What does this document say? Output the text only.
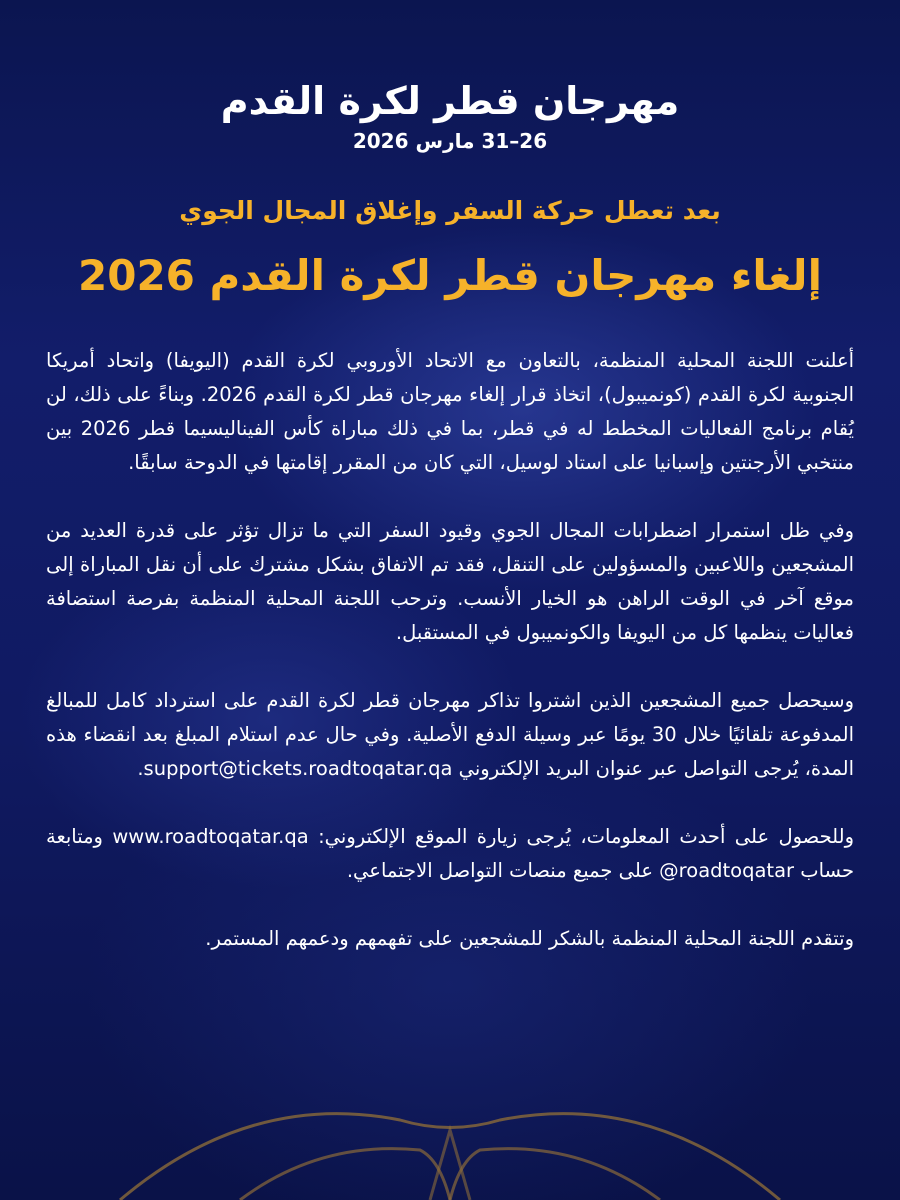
مهرجان قطر لكرة القدم
26–31 مارس 2026
بعد تعطل حركة السفر وإغلاق المجال الجوي
إلغاء مهرجان قطر لكرة القدم 2026

أعلنت اللجنة المحلية المنظمة، بالتعاون مع الاتحاد الأوروبي لكرة القدم (اليويفا) واتحاد أمريكا الجنوبية لكرة القدم (كونميبول)، اتخاذ قرار إلغاء مهرجان قطر لكرة القدم 2026. وبناءً على ذلك، لن يُقام برنامج الفعاليات المخطط له في قطر، بما في ذلك مباراة كأس الفيناليسيما قطر 2026 بين منتخبي الأرجنتين وإسبانيا على استاد لوسيل، التي كان من المقرر إقامتها في الدوحة سابقًا.

وفي ظل استمرار اضطرابات المجال الجوي وقيود السفر التي ما تزال تؤثر على قدرة العديد من المشجعين واللاعبين والمسؤولين على التنقل، فقد تم الاتفاق بشكل مشترك على أن نقل المباراة إلى موقع آخر في الوقت الراهن هو الخيار الأنسب. وترحب اللجنة المحلية المنظمة بفرصة استضافة فعاليات ينظمها كل من اليويفا والكونميبول في المستقبل.

وسيحصل جميع المشجعين الذين اشتروا تذاكر مهرجان قطر لكرة القدم على استرداد كامل للمبالغ المدفوعة تلقائيًا خلال 30 يومًا عبر وسيلة الدفع الأصلية. وفي حال عدم استلام المبلغ بعد انقضاء هذه المدة، يُرجى التواصل عبر عنوان البريد الإلكتروني support@tickets.roadtoqatar.qa.

وللحصول على أحدث المعلومات، يُرجى زيارة الموقع الإلكتروني: www.roadtoqatar.qa ومتابعة حساب @roadtoqatar على جميع منصات التواصل الاجتماعي.

وتتقدم اللجنة المحلية المنظمة بالشكر للمشجعين على تفهمهم ودعمهم المستمر.
